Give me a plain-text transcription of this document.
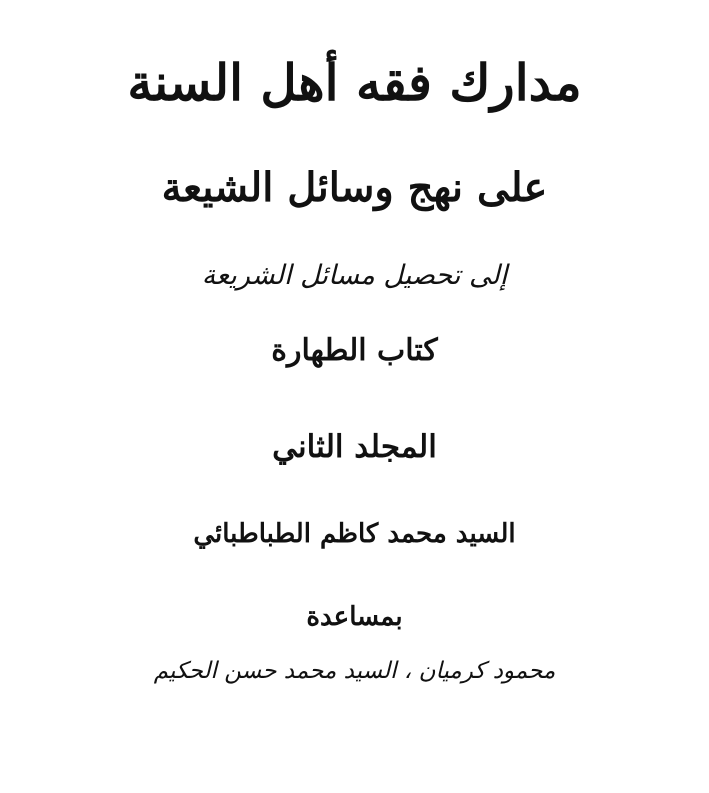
مدارك فقه أهل السنة
على نهج وسائل الشيعة
إلى تحصيل مسائل الشريعة
كتاب الطهارة
المجلد الثاني
السيد محمد كاظم الطباطبائي
بمساعدة
محمود كرميان ، السيد محمد حسن الحكيم
